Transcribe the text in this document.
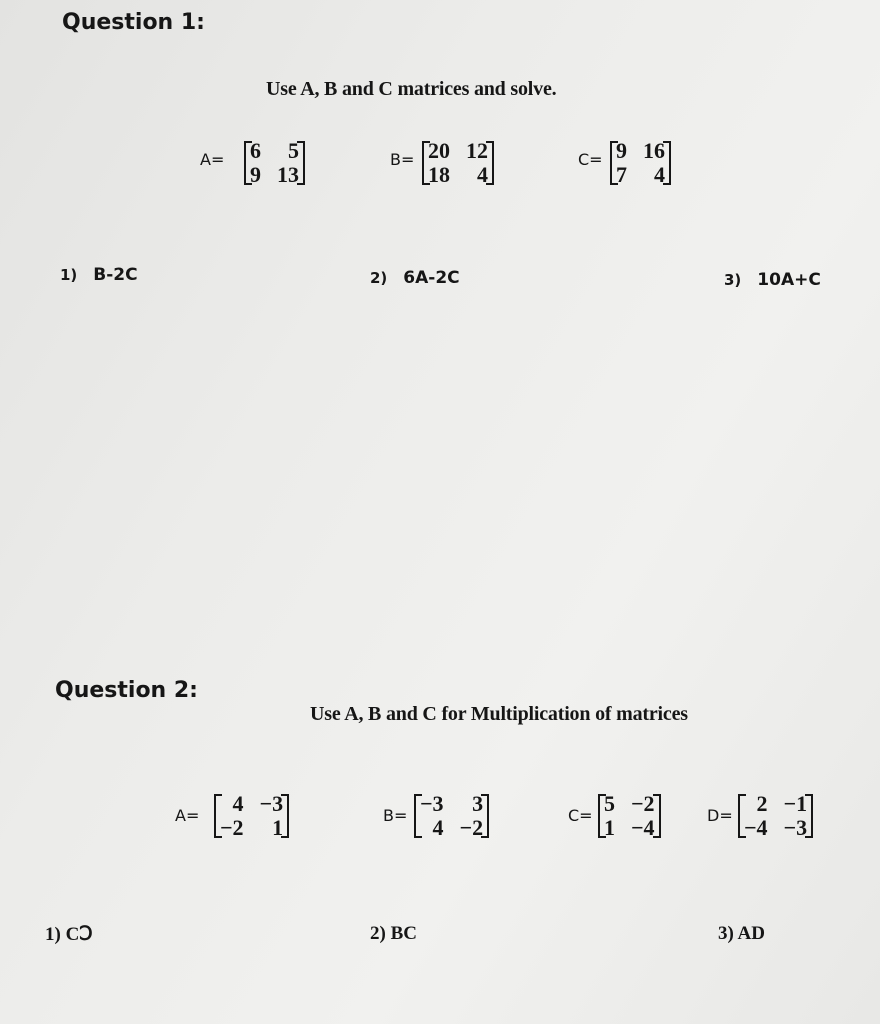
Question 1:
Use A, B and C matrices and solve.
A= 6	5
9 13
B= 20 12
18	4
C= 9 16
7	4
1) B-2C	2) 6A-2C	3) 10A+C
Question 2:
Use A, B and C for Multiplication of matrices
A=	4 −3
−2	1	B= −3	3
4 −2	C= 5 −2
1 −4	D=	2 −1
−4 −3
1) CↃ	2) BC	3) AD
